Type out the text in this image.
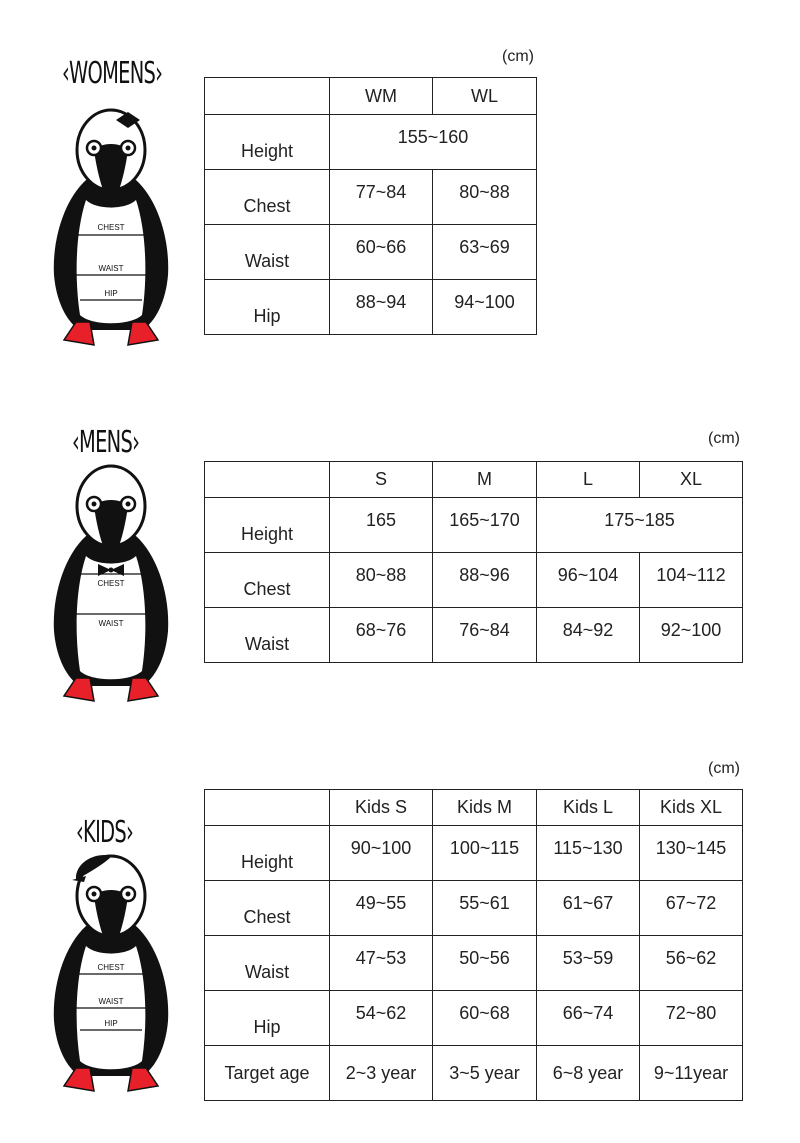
‹WOMENS›	(cm)
CHEST
WAIST
HIP
	WM	WL
Height	155~160	
Chest	77~84	80~88
Waist	60~66	63~69
Hip	88~94	94~100
‹MENS›	(cm)
CHEST
WAIST
	S	M	L	XL
Height	165	165~170	175~185	
Chest	80~88	88~96	96~104	104~112
Waist	68~76	76~84	84~92	92~100
‹KIDS›
(cm)
CHEST
WAIST
HIP
	Kids S	Kids M	Kids L	Kids XL
Height	90~100	100~115	115~130	130~145
Chest	49~55	55~61	61~67	67~72
Waist	47~53	50~56	53~59	56~62
Hip	54~62	60~68	66~74	72~80
Target age	2~3 year	3~5 year	6~8 year	9~11year
